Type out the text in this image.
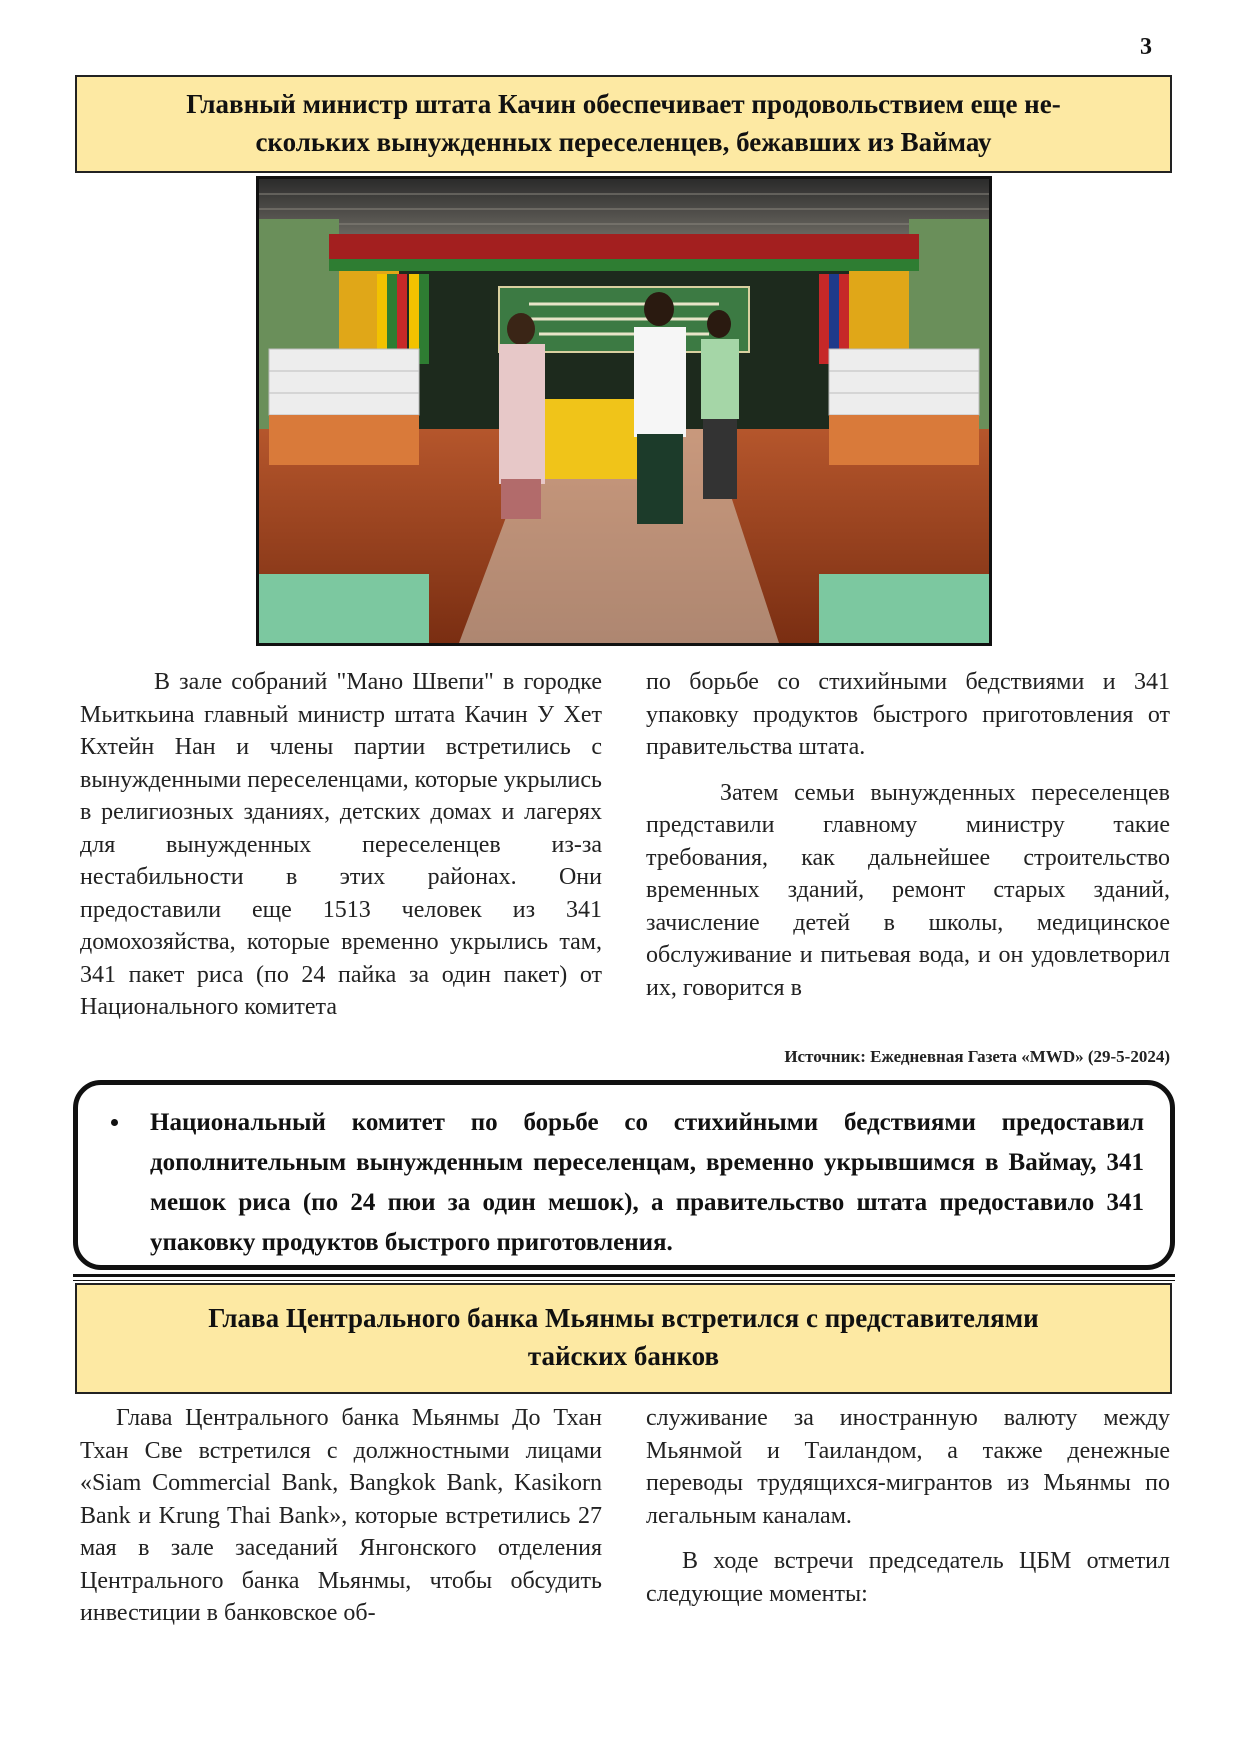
3
Главный министр штата Качин обеспечивает продовольствием еще не-
скольких вынужденных переселенцев, бежавших из Ваймау

В зале собраний "Мано Швепи" в городке Мьиткьина главный министр штата Качин У Хет Кхтейн Нан и члены партии встретились с вынужденными переселенцами, которые укрылись в религиозных зданиях, детских домах и лагерях для вынужденных переселенцев из-за нестабильности в этих районах. Они предоставили еще 1513 человек из 341 домохозяйства, которые временно укрылись там, 341 пакет риса (по 24 пайка за один пакет) от Национального комитета

по борьбе со стихийными бедствиями и 341 упаковку продуктов быстрого приготовления от правительства штата.

Затем семьи вынужденных переселенцев представили главному министру такие требования, как дальнейшее строительство временных зданий, ремонт старых зданий, зачисление детей в школы, медицинское обслуживание и питьевая вода, и он удовлетворил их, говорится в

Источник: Ежедневная Газета «MWD» (29-5-2024)
• Национальный комитет по борьбе со стихийными бедствиями предоставил дополнительным вынужденным переселенцам, временно укрывшимся в Ваймау, 341 мешок риса (по 24 пюи за один мешок), а правительство штата предоставило 341 упаковку продуктов быстрого приготовления.
Глава Центрального банка Мьянмы встретился с представителями
тайских банков

Глава Центрального банка Мьянмы До Тхан Тхан Све встретился с должностными лицами «Siam Commercial Bank, Bangkok Bank, Kasikorn Bank и Krung Thai Bank», которые встретились 27 мая в зале заседаний Янгонского отделения Центрального банка Мьянмы, чтобы обсудить инвестиции в банковское об-

служивание за иностранную валюту между Мьянмой и Таиландом, а также денежные переводы трудящихся-мигрантов из Мьянмы по легальным каналам.

В ходе встречи председатель ЦБМ отметил следующие моменты:
